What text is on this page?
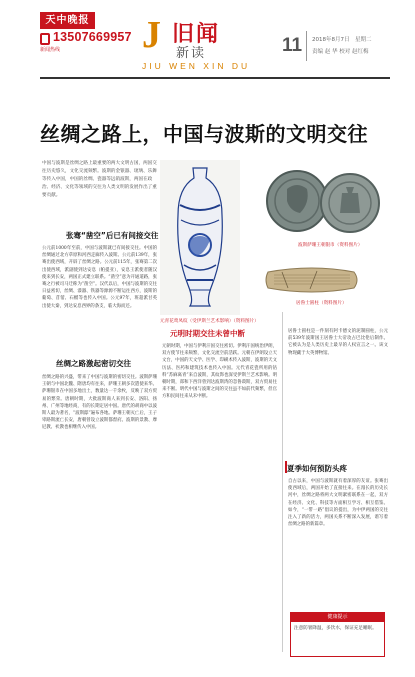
天中晚报
13507669957
新闻热线 J 旧闻
新读
JIU WEN XIN DU
11 2018年8月7日　星期二
责编 赵 华 校对 赵红梅
丝绸之路上，中国与波斯的文明交往
中国与波斯是丝绸之路上最重要的两大文明古国，两国交往历史悠久，文化交流频繁。波斯的金银器、琉璃、乐舞等传入中国，中国的丝绸、瓷器等远销波斯，两国在政治、经济、文化等领域的交往为人类文明的发展作出了重要贡献。
元青花鸾凤纹（受伊斯兰艺术影响）（资料图片）
波斯萨珊王朝银币（资料图片）
居鲁士圆柱（资料图片）
张骞“凿空”后已有间接交往
公元前1000年至前，中国与波斯就已有间接交往。中国的丝绸通过北方草原和河西走廊传入波斯。公元前139年，张骞出使西域，开辟了丝绸之路。公元前115年，张骞第二次出使西域，派副使到达安息（帕提亚），安息王派使者随汉使来到长安，两国正式建立联系。“凿空”意为开通道路，张骞之行被司马迁称为“凿空”。汉代以后，中国与波斯的交往日益密切，丝绸、漆器、铁器等源源不断运往西方，波斯的葡萄、苜蓿、石榴等也传入中国。公元97年，班超派甘英出使大秦，到达安息西界的条支，临大海而还。
丝绸之路激起密切交往
丝绸之路的兴盛，带来了中国与波斯的密切交往。波斯萨珊王朝与中国北魏、隋唐均有往来，萨珊王朝多次遣使来华。萨珊银币在中国多地出土，数量达一千余枚，反映了双方贸易的繁荣。唐朝时期，大批波斯商人来到长安、洛阳、扬州、广州等地经商，有的长期定居中国。唐代的胡商中以波斯人最为著名，“波斯邸”遍布各地。萨珊王朝灭亡后，王子卑路斯流亡长安，唐朝曾设立波斯都督府。波斯的景教、摩尼教、祆教也相继传入中国。
元明时期交往未曾中断
元朝时期，中国与伊利汗国交往密切。伊利汗国统治伊朗，双方使节往来频繁，文化交流空前活跃。元朝在伊朗设立天文台，中国的天文学、医学、印刷术传入波斯，波斯的天文历法、医药和建筑技术也传入中国。元代青花瓷所用的钴料“苏麻离青”来自波斯，其纹饰也深受伊斯兰艺术影响。明朝时期，郑和下西洋曾到达波斯湾的忽鲁谟斯，双方贸易往来不断。明代中国与波斯之间的交往虽不如前代频繁，但官方和民间往来从未中断。
居鲁士圆柱是一件刻有阿卡德文的泥制圆柱，公元前539年波斯国王居鲁士大帝攻占巴比伦后制作。它被认为是人类历史上最早的人权宣言之一。该文物现藏于大英博物馆。
夏季如何预防头疼
自古以来，中国与波斯就有着深厚的友谊。张骞出使西域后，两国开始了直接往来。在漫长的历史长河中，丝绸之路将两大文明紧密联系在一起，双方在经济、文化、科技等方面相互学习、相互借鉴。如今，“一带一路”倡议的提出，为中伊两国的交往注入了新的活力，两国关系不断深入发展，谱写着丝绸之路的新篇章。
健康提示
注意防暑降温，多饮水，保证充足睡眠。
